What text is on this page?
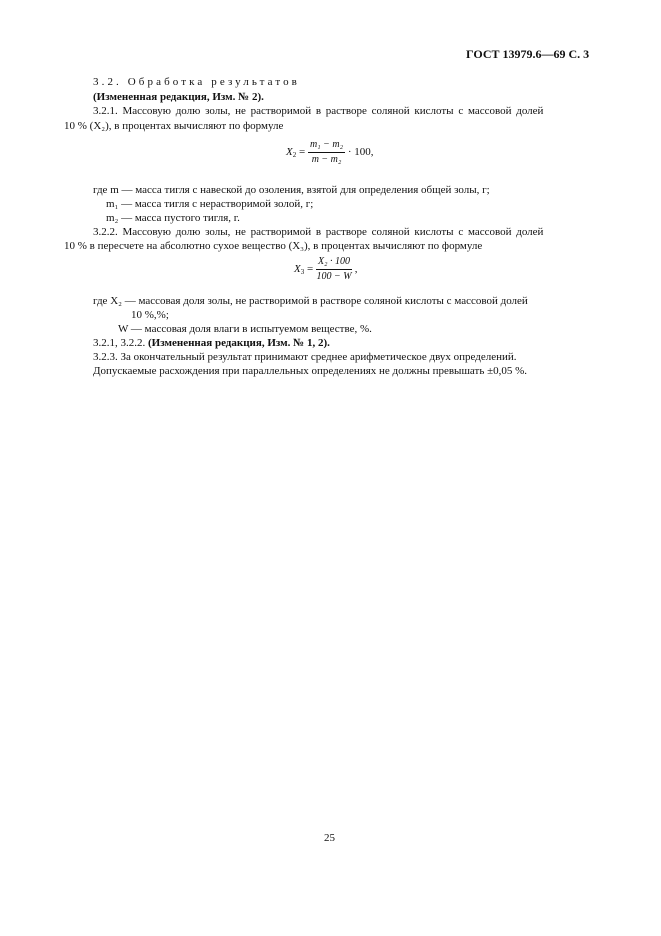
ГОСТ 13979.6—69 С. 3
3.2. Обработка результатов
(Измененная редакция, Изм. № 2).
3.2.1. Массовую долю золы, не растворимой в растворе соляной кислоты с массовой долей
10 % (X₂), в процентах вычисляют по формуле
$X_2 = \frac{\text{m₁ − m₂}}{\text{m − m₂}} \cdot 100$,
где m — масса тигля с навеской до озоления, взятой для определения общей золы, г;
m₁ — масса тигля с нерастворимой золой, г;
m₂ — масса пустого тигля, г.
3.2.2. Массовую долю золы, не растворимой в растворе соляной кислоты с массовой долей
10 % в пересчете на абсолютно сухое вещество (X₃), в процентах вычисляют по формуле
$X_3 = \frac{\text{X₂ · 100}}{100 - W}$ ,
где X₂ — массовая доля золы, не растворимой в растворе соляной кислоты с массовой долей
10 %,%;
W — массовая доля влаги в испытуемом веществе, %.
3.2.1, 3.2.2. (Измененная редакция, Изм. № 1, 2).
3.2.3. За окончательный результат принимают среднее арифметическое двух определений.
Допускаемые расхождения при параллельных определениях не должны превышать ±0,05 %.
25
